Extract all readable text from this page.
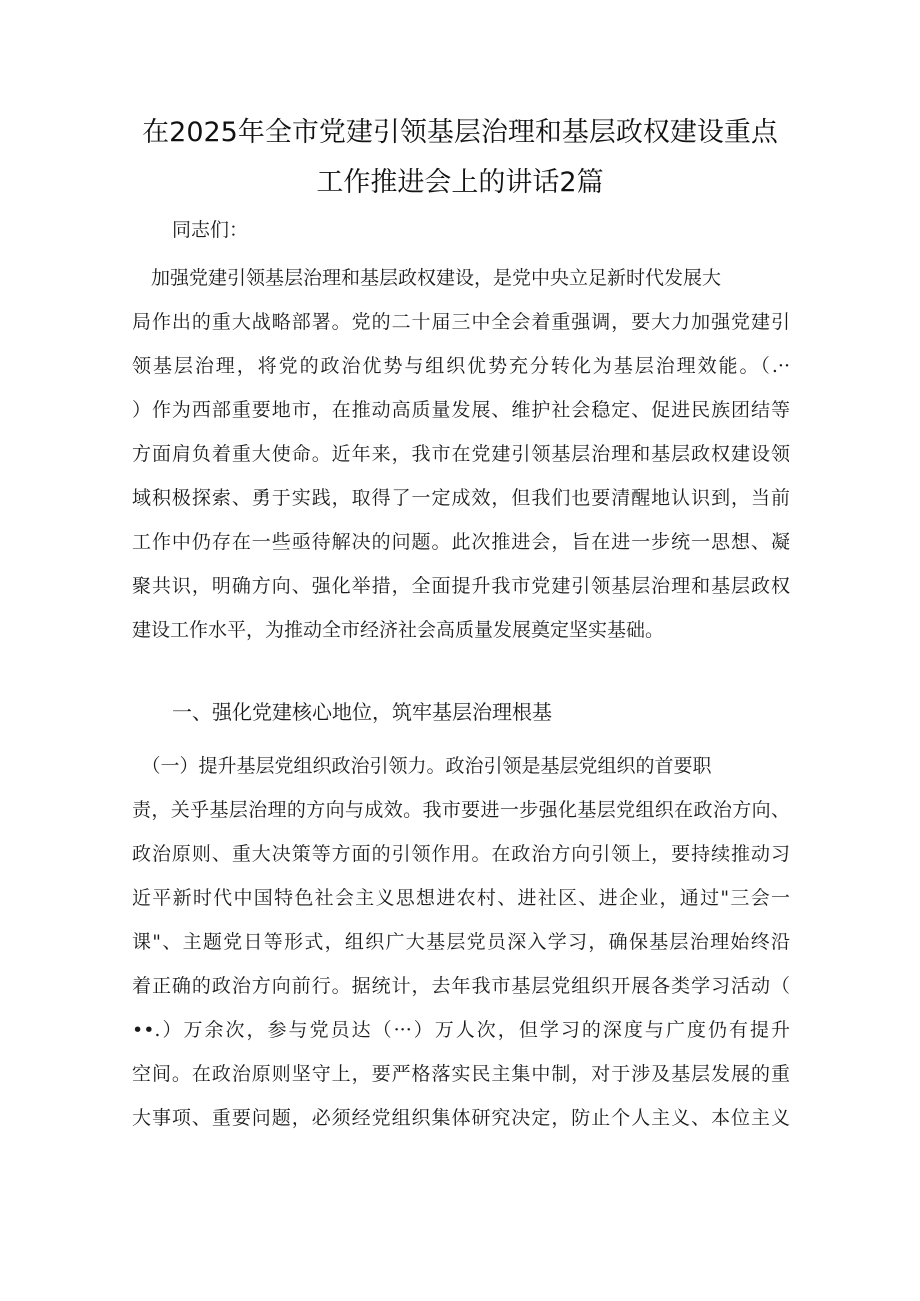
在2025年全市党建引领基层治理和基层政权建设重点
工作推进会上的讲话2篇
同志们：
　加强党建引领基层治理和基层政权建设，是党中央立足新时代发展大
局作出的重大战略部署。党的二十届三中全会着重强调，要大力加强党建引
领基层治理，将党的政治优势与组织优势充分转化为基层治理效能。（.··
）作为西部重要地市，在推动高质量发展、维护社会稳定、促进民族团结等
方面肩负着重大使命。近年来，我市在党建引领基层治理和基层政权建设领
域积极探索、勇于实践，取得了一定成效，但我们也要清醒地认识到，当前
工作中仍存在一些亟待解决的问题。此次推进会，旨在进一步统一思想、凝
聚共识，明确方向、强化举措，全面提升我市党建引领基层治理和基层政权
建设工作水平，为推动全市经济社会高质量发展奠定坚实基础。
一、强化党建核心地位，筑牢基层治理根基
　（一）提升基层党组织政治引领力。政治引领是基层党组织的首要职
责，关乎基层治理的方向与成效。我市要进一步强化基层党组织在政治方向、
政治原则、重大决策等方面的引领作用。在政治方向引领上，要持续推动习
近平新时代中国特色社会主义思想进农村、进社区、进企业，通过"三会一
课"、主题党日等形式，组织广大基层党员深入学习，确保基层治理始终沿
着正确的政治方向前行。据统计，去年我市基层党组织开展各类学习活动（
••.）万余次，参与党员达（···）万人次，但学习的深度与广度仍有提升
空间。在政治原则坚守上，要严格落实民主集中制，对于涉及基层发展的重
大事项、重要问题，必须经党组织集体研究决定，防止个人主义、本位主义
